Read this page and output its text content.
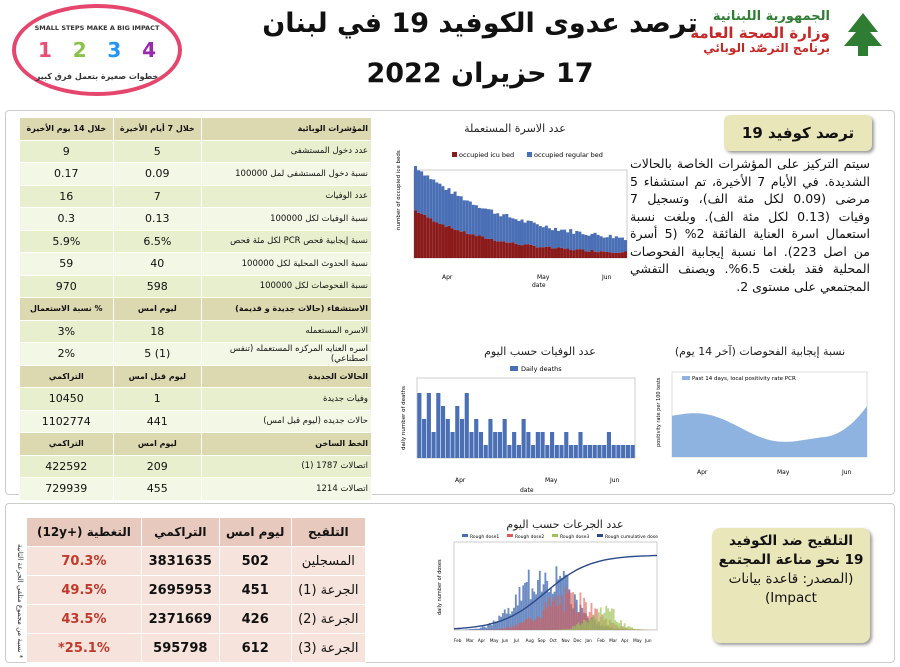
ترصد عدوى الكوفيد 19 في لبنان
17 حزيران 2022
SMALL STEPS MAKE A BIG IMPACT
1 2 3 4
خطوات صغيرة بتعمل فرق كبير
الجمهورية اللبنانية
وزارة الصحة العامة
برنامج الترصّد الوبائي
المؤشرات الوبائية	خلال 7 أيام الأخيرة	خلال 14 يوم الأخيرة
عدد دخول المستشفى	5	9
نسبة دخول المستشفى لمل 100000	0.09	0.17
عدد الوفيات	7	16
نسبة الوفيات لكل 100000	0.13	0.3
نسبة إيجابية فحص PCR لكل مئة فحص	6.5%	5.9%
نسبة الحدوث المحلية لكل 100000	40	59
نسبة الفحوصات لكل 100000	598	970
الاستشفاء (حالات جديدة و قديمة)	ليوم امس	% نسبة الاستعمال
الاسره المستعمله	18	3%
اسره العنايه المركزه المستعمله (تنفس اصطناعي)	(1) 5	2%
الحالات الجديدة	ليوم قبل امس	التراكمي
وفيات جديدة	1	10450
حالات جديده (ليوم قبل امس)	441	1102774
الخط الساخن	ليوم امس	التراكمي
اتصالات 1787 (1)	209	422592
اتصالات 1214	455	729939
ترصد كوفيد 19
سيتم التركيز على المؤشرات الخاصة بالحالات الشديدة. في الأيام 7 الأخيرة، تم استشفاء 5 مرضى (0.09 لكل مئة الف)، وتسجيل 7 وفيات (0.13 لكل مئة الف). وبلغت نسبة استعمال اسرة العناية الفائقة 2% (5 أسرة من اصل 223). اما نسبة إيجابية الفحوصات المحلية فقد بلغت 6.5%. ويصنف التفشي المجتمعي على مستوى 2.
عدد الاسرة المستعملة
occupied icu bed	occupied regular bed
number of occupied ice beds
date
Apr	May	Jun
عدد الوفيات حسب اليوم
Daily deaths
daily number of deaths
date
Apr	May	Jun
نسبة إيجابية الفحوصات (آخر 14 يوم)
Past 14 days, local positivity rate PCR
positivity rate per 100 tests
Apr	May	Jun
التلقيح ضد الكوفيد
19 نحو مناعة المجتمع
(المصدر: قاعدة بيانات Impact)
* نسبة من مجموع متلقي الجرعة الثانية
التلقيح	ليوم امس	التراكمي	التغطية (+12y)
المسجلين	502	3831635	70.3%
الجرعة (1)	451	2695953	49.5%
الجرعة (2)	426	2371669	43.5%
الجرعة (3)	612	595798	25.1%*
عدد الجرعات حسب اليوم
Rough dose1	Rough dose2	Rough dose3	Rough cumulative dose
daily number of doses
Feb Mar Apr May Jun Jul Aug Sep Oct Nov Dec Jan Feb Mar Apr May Jun
